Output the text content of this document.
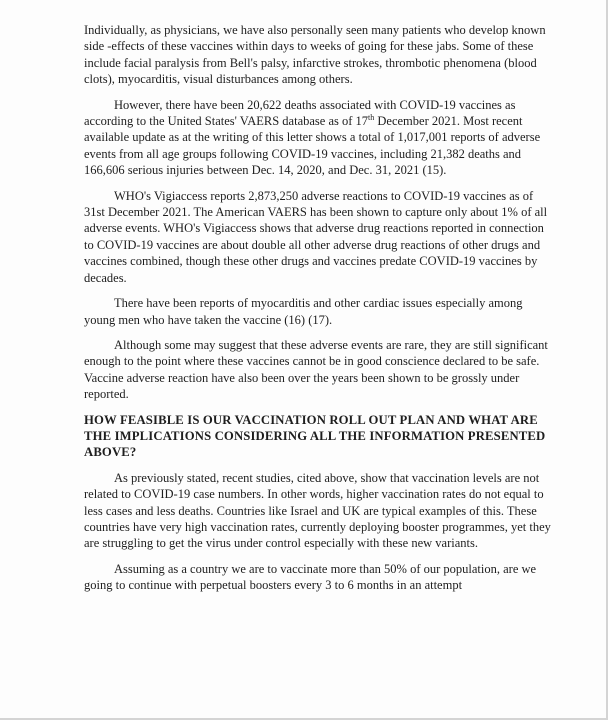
Individually, as physicians, we have also personally seen many patients who develop known side -effects of these vaccines within days to weeks of going for these jabs. Some of these include facial paralysis from Bell's palsy, infarctive strokes, thrombotic phenomena (blood clots), myocarditis, visual disturbances among others.

However, there have been 20,622 deaths associated with COVID-19 vaccines as according to the United States' VAERS database as of 17th December 2021. Most recent available update as at the writing of this letter shows a total of 1,017,001 reports of adverse events from all age groups following COVID-19 vaccines, including 21,382 deaths and 166,606 serious injuries between Dec. 14, 2020, and Dec. 31, 2021 (15).

WHO's Vigiaccess reports 2,873,250 adverse reactions to COVID-19 vaccines as of 31st December 2021. The American VAERS has been shown to capture only about 1% of all adverse events. WHO's Vigiaccess shows that adverse drug reactions reported in connection to COVID-19 vaccines are about double all other adverse drug reactions of other drugs and vaccines combined, though these other drugs and vaccines predate COVID-19 vaccines by decades.

There have been reports of myocarditis and other cardiac issues especially among young men who have taken the vaccine (16) (17).

Although some may suggest that these adverse events are rare, they are still significant enough to the point where these vaccines cannot be in good conscience declared to be safe. Vaccine adverse reaction have also been over the years been shown to be grossly under reported.

HOW FEASIBLE IS OUR VACCINATION ROLL OUT PLAN AND WHAT ARE THE IMPLICATIONS CONSIDERING ALL THE INFORMATION PRESENTED ABOVE?

As previously stated, recent studies, cited above, show that vaccination levels are not related to COVID-19 case numbers. In other words, higher vaccination rates do not equal to less cases and less deaths. Countries like Israel and UK are typical examples of this. These countries have very high vaccination rates, currently deploying booster programmes, yet they are struggling to get the virus under control especially with these new variants.

Assuming as a country we are to vaccinate more than 50% of our population, are we going to continue with perpetual boosters every 3 to 6 months in an attempt
